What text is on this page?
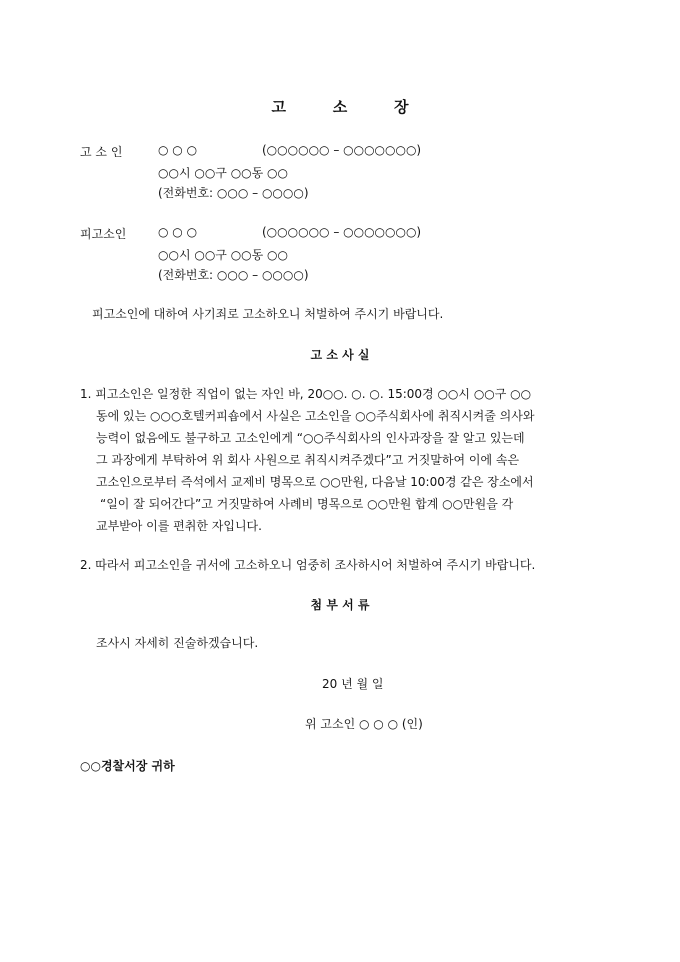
고	소	장
고 소 인	○ ○ ○	(○○○○○○ – ○○○○○○○)
○○시 ○○구 ○○동 ○○
(전화번호: ○○○ – ○○○○)
피고소인	○ ○ ○	(○○○○○○ – ○○○○○○○)
○○시 ○○구 ○○동 ○○
(전화번호: ○○○ – ○○○○)
피고소인에 대하여 사기죄로 고소하오니 처벌하여 주시기 바랍니다.
고 소 사 실
1. 피고소인은 일정한 직업이 없는 자인 바, 20○○. ○. ○. 15:00경 ○○시 ○○구 ○○
동에 있는 ○○○호텔커피숍에서 사실은 고소인을 ○○주식회사에 취직시켜줄 의사와
능력이 없음에도 불구하고 고소인에게 “○○주식회사의 인사과장을 잘 알고 있는데
그 과장에게 부탁하여 위 회사 사원으로 취직시켜주겠다”고 거짓말하여 이에 속은
고소인으로부터 즉석에서 교제비 명목으로 ○○만원, 다음날 10:00경 같은 장소에서
“일이 잘 되어간다”고 거짓말하여 사례비 명목으로 ○○만원 합계 ○○만원을 각
교부받아 이를 편취한 자입니다.
2. 따라서 피고소인을 귀서에 고소하오니 엄중히 조사하시어 처벌하여 주시기 바랍니다.
첨 부 서 류
조사시 자세히 진술하겠습니다.
20 년 월 일
위 고소인 ○ ○ ○ (인)
○○경찰서장 귀하
